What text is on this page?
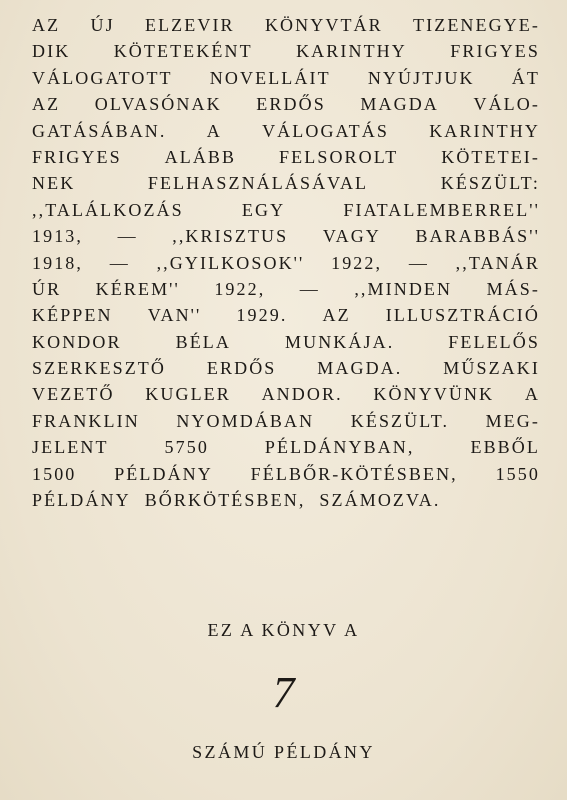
AZ ÚJ ELZEVIR KÖNYVTÁR TIZENEGYE-
DIK KÖTETEKÉNT KARINTHY FRIGYES
VÁLOGATOTT NOVELLÁIT NYÚJTJUK ÁT
AZ OLVASÓNAK ERDŐS MAGDA VÁLO-
GATÁSÁBAN. A VÁLOGATÁS KARINTHY
FRIGYES ALÁBB FELSOROLT KÖTETEI-
NEK	FELHASZNÁLÁSÁVAL	KÉSZÜLT:
,,TALÁLKOZÁS	EGY	FIATALEMBERREL''
1913, — ,,KRISZTUS VAGY BARABBÁS''
1918, — ,,GYILKOSOK'' 1922, — ,,TANÁR
ÚR KÉREM'' 1922, — ,,MINDEN MÁS-
KÉPPEN VAN'' 1929. AZ ILLUSZTRÁCIÓ
KONDOR	BÉLA	MUNKÁJA.	FELELŐS
SZERKESZTŐ ERDŐS MAGDA. MŰSZAKI
VEZETŐ KUGLER ANDOR. KÖNYVÜNK A
FRANKLIN NYOMDÁBAN KÉSZÜLT. MEG-
JELENT	5750	PÉLDÁNYBAN,	EBBŐL
1500 PÉLDÁNY FÉLBŐR-KÖTÉSBEN, 1550
PÉLDÁNY BŐRKÖTÉSBEN, SZÁMOZVA.
EZ A KÖNYV A
7
SZÁMÚ PÉLDÁNY
